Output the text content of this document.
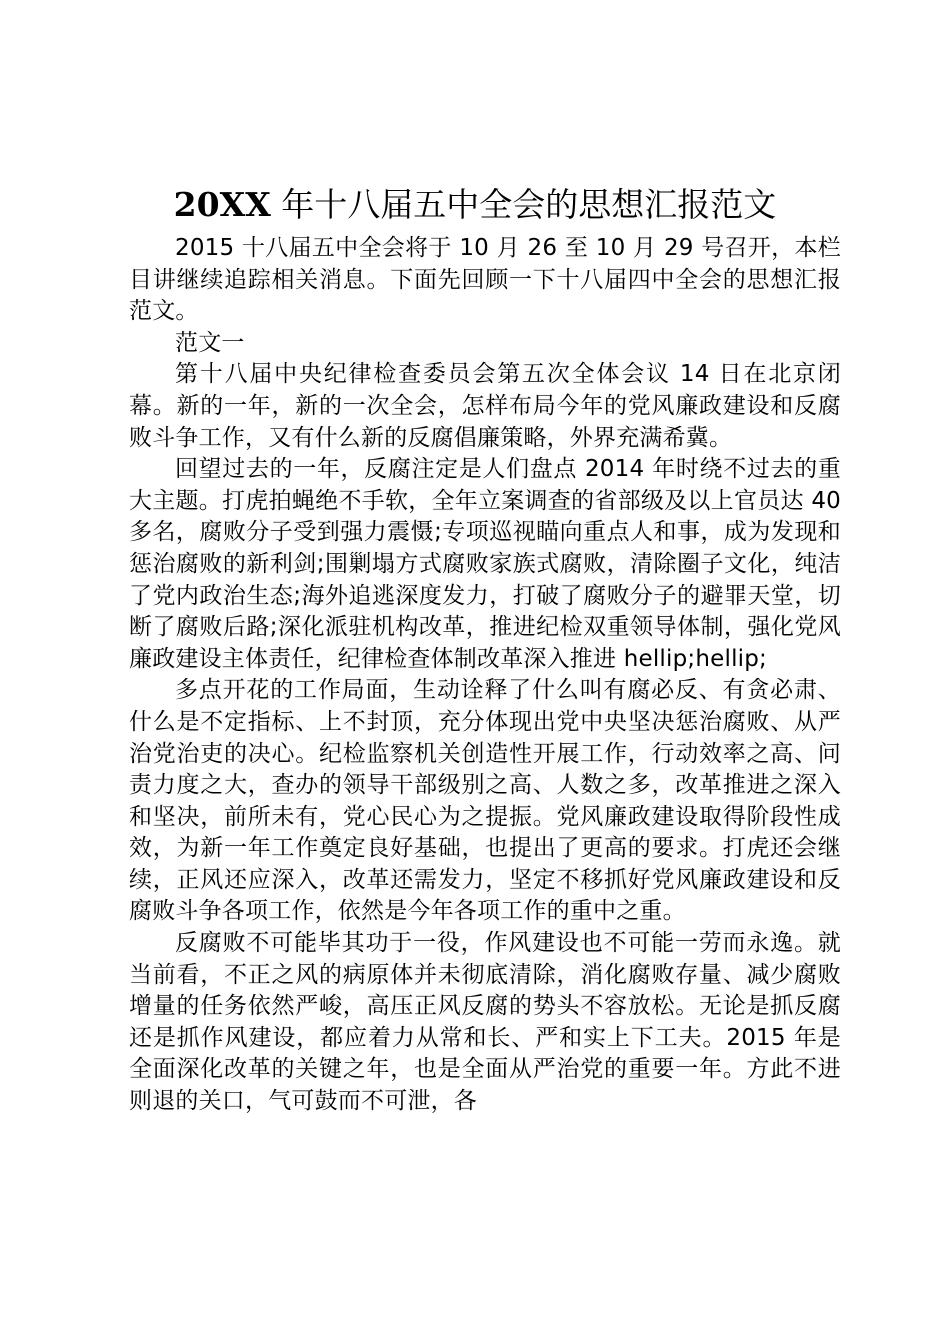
20XX 年十八届五中全会的思想汇报范文

2015 十八届五中全会将于 10 月 26 至 10 月 29 号召开，本栏目讲继续追踪相关消息。下面先回顾一下十八届四中全会的思想汇报范文。

范文一

第十八届中央纪律检查委员会第五次全体会议 14 日在北京闭幕。新的一年，新的一次全会，怎样布局今年的党风廉政建设和反腐败斗争工作，又有什么新的反腐倡廉策略，外界充满希冀。

回望过去的一年，反腐注定是人们盘点 2014 年时绕不过去的重大主题。打虎拍蝇绝不手软，全年立案调查的省部级及以上官员达 40 多名，腐败分子受到强力震慑;专项巡视瞄向重点人和事，成为发现和惩治腐败的新利剑;围剿塌方式腐败家族式腐败，清除圈子文化，纯洁了党内政治生态;海外追逃深度发力，打破了腐败分子的避罪天堂，切断了腐败后路;深化派驻机构改革，推进纪检双重领导体制，强化党风廉政建设主体责任，纪律检查体制改革深入推进 hellip;hellip;

多点开花的工作局面，生动诠释了什么叫有腐必反、有贪必肃、什么是不定指标、上不封顶，充分体现出党中央坚决惩治腐败、从严治党治吏的决心。纪检监察机关创造性开展工作，行动效率之高、问责力度之大，查办的领导干部级别之高、人数之多，改革推进之深入和坚决，前所未有，党心民心为之提振。党风廉政建设取得阶段性成效，为新一年工作奠定良好基础，也提出了更高的要求。打虎还会继续，正风还应深入，改革还需发力，坚定不移抓好党风廉政建设和反腐败斗争各项工作，依然是今年各项工作的重中之重。

反腐败不可能毕其功于一役，作风建设也不可能一劳而永逸。就当前看，不正之风的病原体并未彻底清除，消化腐败存量、减少腐败增量的任务依然严峻，高压正风反腐的势头不容放松。无论是抓反腐还是抓作风建设，都应着力从常和长、严和实上下工夫。2015 年是全面深化改革的关键之年，也是全面从严治党的重要一年。方此不进则退的关口，气可鼓而不可泄，各
